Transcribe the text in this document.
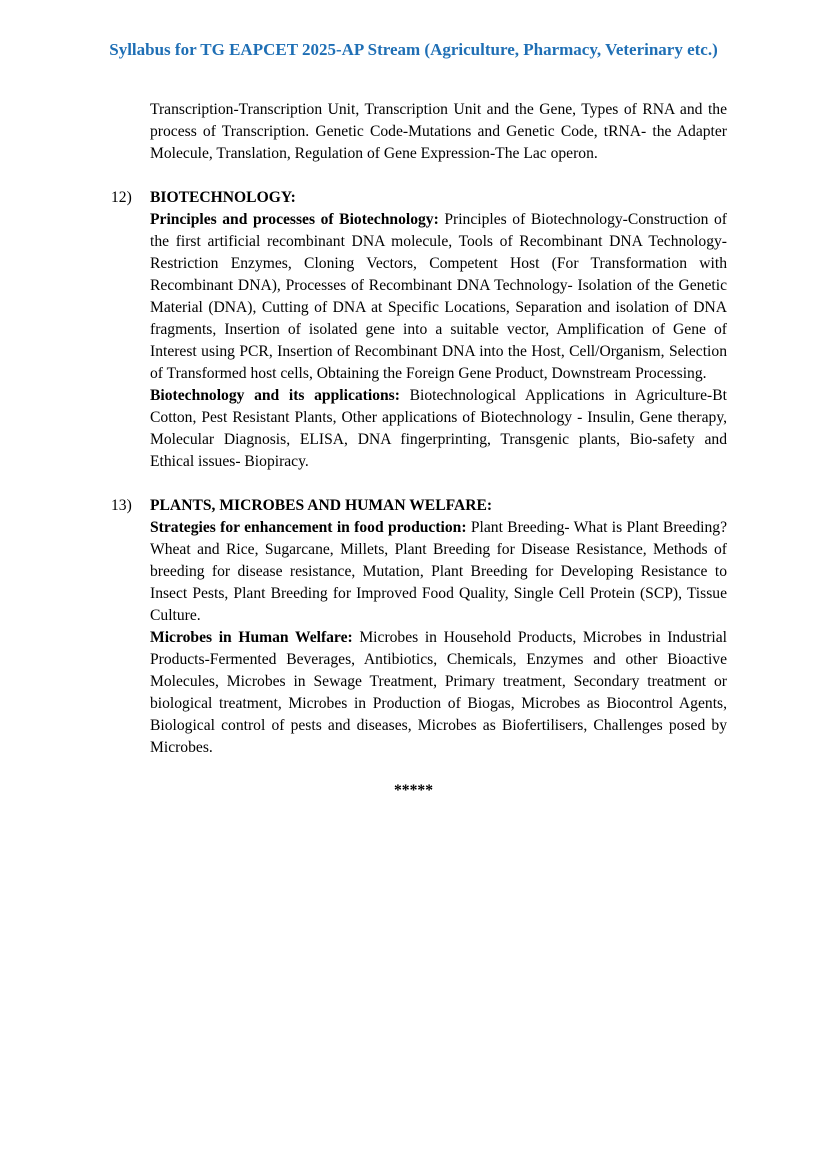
Syllabus for TG EAPCET 2025-AP Stream (Agriculture, Pharmacy, Veterinary etc.)

Transcription-Transcription Unit, Transcription Unit and the Gene, Types of RNA and the process of Transcription. Genetic Code-Mutations and Genetic Code, tRNA- the Adapter Molecule, Translation, Regulation of Gene Expression-The Lac operon.

12) BIOTECHNOLOGY:

Principles and processes of Biotechnology: Principles of Biotechnology-Construction of the first artificial recombinant DNA molecule, Tools of Recombinant DNA Technology-Restriction Enzymes, Cloning Vectors, Competent Host (For Transformation with Recombinant DNA), Processes of Recombinant DNA Technology- Isolation of the Genetic Material (DNA), Cutting of DNA at Specific Locations, Separation and isolation of DNA fragments, Insertion of isolated gene into a suitable vector, Amplification of Gene of Interest using PCR, Insertion of Recombinant DNA into the Host, Cell/Organism, Selection of Transformed host cells, Obtaining the Foreign Gene Product, Downstream Processing.

Biotechnology and its applications: Biotechnological Applications in Agriculture-Bt Cotton, Pest Resistant Plants, Other applications of Biotechnology - Insulin, Gene therapy, Molecular Diagnosis, ELISA, DNA fingerprinting, Transgenic plants, Bio-safety and Ethical issues- Biopiracy.

13) PLANTS, MICROBES AND HUMAN WELFARE:

Strategies for enhancement in food production: Plant Breeding- What is Plant Breeding? Wheat and Rice, Sugarcane, Millets, Plant Breeding for Disease Resistance, Methods of breeding for disease resistance, Mutation, Plant Breeding for Developing Resistance to Insect Pests, Plant Breeding for Improved Food Quality, Single Cell Protein (SCP), Tissue Culture.

Microbes in Human Welfare: Microbes in Household Products, Microbes in Industrial Products-Fermented Beverages, Antibiotics, Chemicals, Enzymes and other Bioactive Molecules, Microbes in Sewage Treatment, Primary treatment, Secondary treatment or biological treatment, Microbes in Production of Biogas, Microbes as Biocontrol Agents, Biological control of pests and diseases, Microbes as Biofertilisers, Challenges posed by Microbes.

*****
